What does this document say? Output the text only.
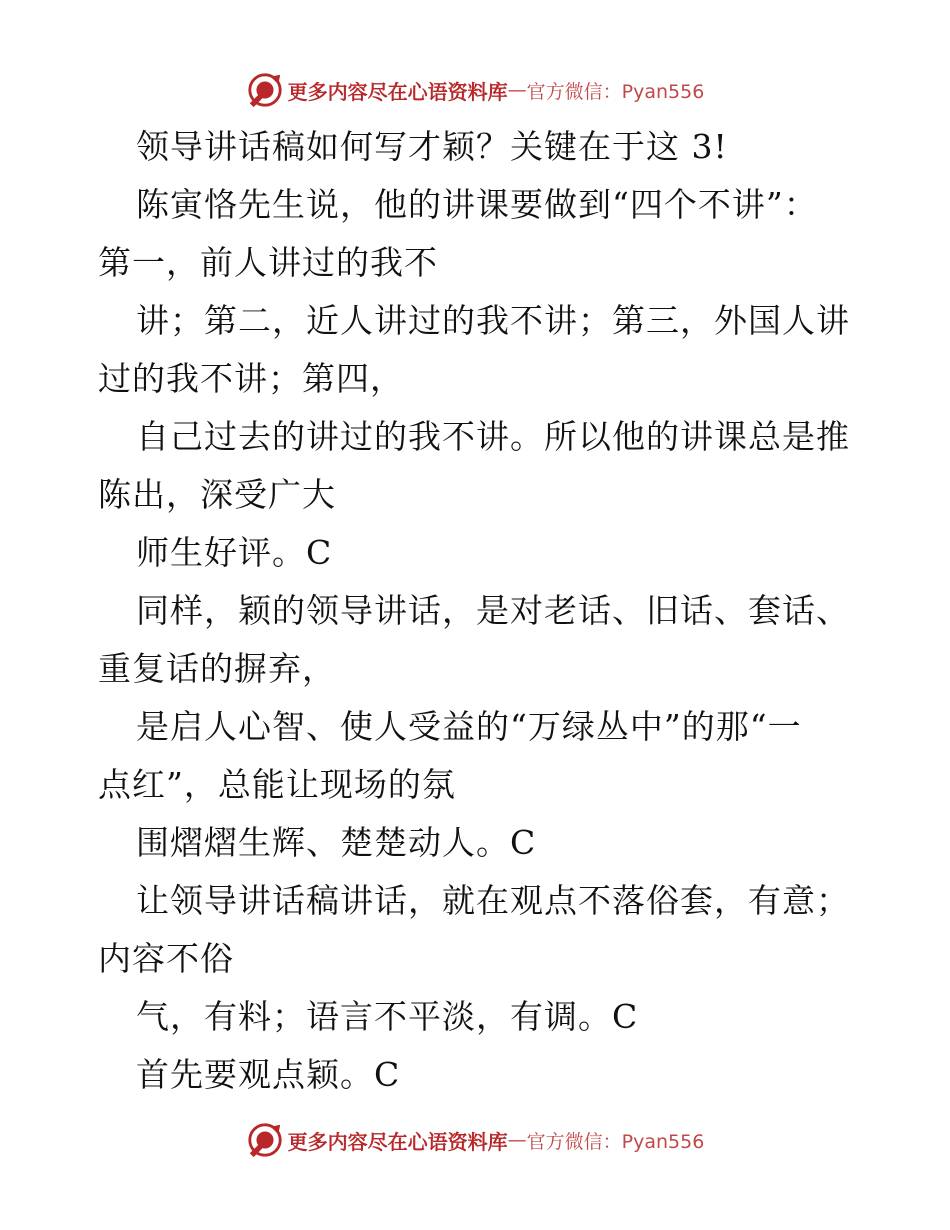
更多内容尽在心语资料库 — 官方微信：Pyan556
领导讲话稿如何写才颖？关键在于这 3!
陈寅恪先生说，他的讲课要做到“四个不讲”：
第一，前人讲过的我不
讲；第二，近人讲过的我不讲；第三，外国人讲
过的我不讲；第四，
自己过去的讲过的我不讲。所以他的讲课总是推
陈出，深受广大
师生好评。C
同样，颖的领导讲话，是对老话、旧话、套话、
重复话的摒弃，
是启人心智、使人受益的“万绿丛中”的那“一
点红”，总能让现场的氛
围熠熠生辉、楚楚动人。C
让领导讲话稿讲话，就在观点不落俗套，有意；
内容不俗
气，有料；语言不平淡，有调。C
首先要观点颖。C
更多内容尽在心语资料库 — 官方微信：Pyan556
